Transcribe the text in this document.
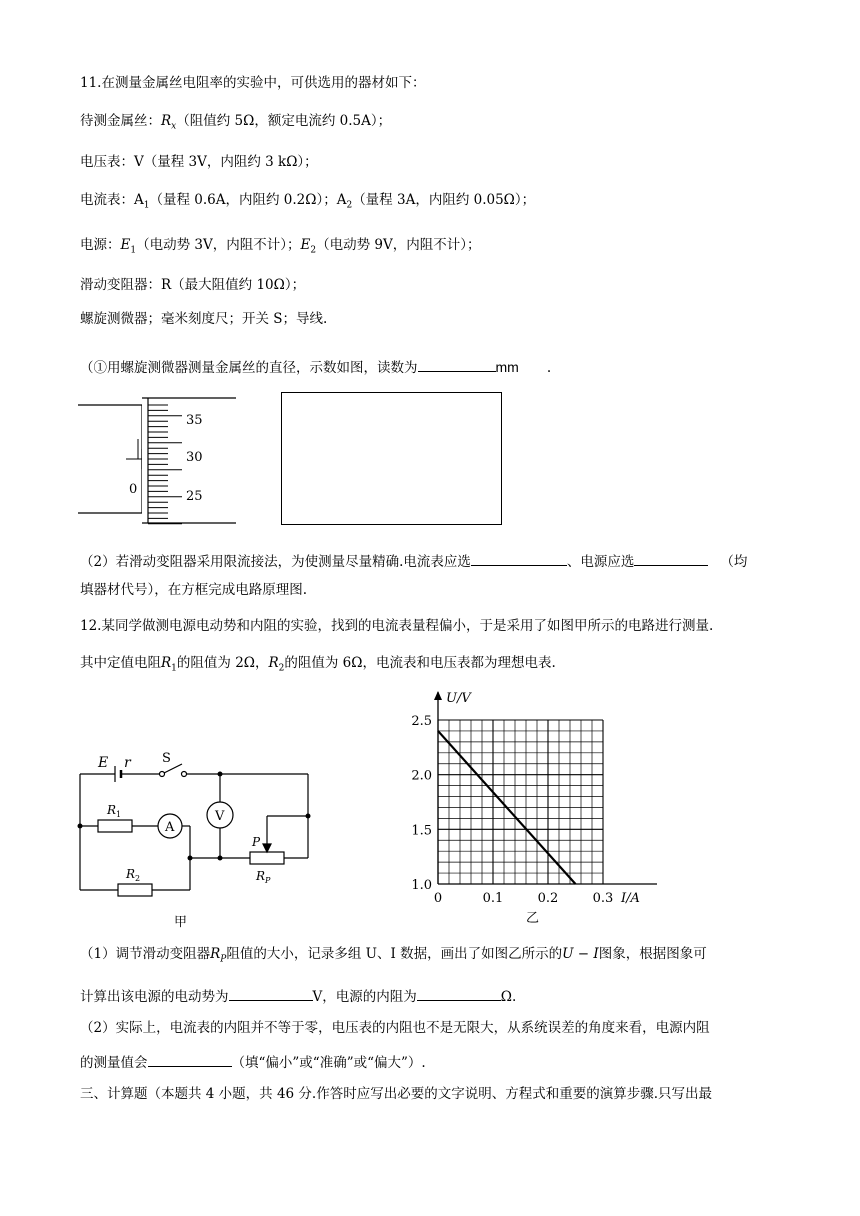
11.在测量金属丝电阻率的实验中，可供选用的器材如下：
待测金属丝：$R_x$（阻值约 5Ω，额定电流约 0.5A）；
电压表：V（量程 3V，内阻约 3 kΩ）；
电流表：$A_1$（量程 0.6A，内阻约 0.2Ω）；$A_2$（量程 3A，内阻约 0.05Ω）；
电源：$E_1$（电动势 3V，内阻不计）；$E_2$（电动势 9V，内阻不计）；
滑动变阻器：R（最大阻值约 10Ω）；
螺旋测微器；毫米刻度尺；开关 S；导线.
（①用螺旋测微器测量金属丝的直径，示数如图，读数为	mm .
0
35
30
25
（2）若滑动变阻器采用限流接法，为使测量尽量精确.电流表应选	、电源应选	（均
填器材代号），在方框完成电路原理图.
12.某同学做测电源电动势和内阻的实验，找到的电流表量程偏小，于是采用了如图甲所示的电路进行测量.
其中定值电阻$R_1$的阻值为 2Ω，$R_2$的阻值为 6Ω，电流表和电压表都为理想电表.
E r S
R 1
R 2
A
V
P
R P
甲
1.0
1.5
2.0
2.5
0	0.1	0.2	0.3
U/V
I/A
乙
（1）调节滑动变阻器$R_P$阻值的大小，记录多组 U、I 数据，画出了如图乙所示的U − I图象，根据图象可
计算出该电源的电动势为	V，电源的内阻为	Ω.
（2）实际上，电流表的内阻并不等于零，电压表的内阻也不是无限大，从系统误差的角度来看，电源内阻
的测量值会	（填“偏小”或“准确”或“偏大”）.
三、计算题（本题共 4 小题，共 46 分.作答时应写出必要的文字说明、方程式和重要的演算步骤.只写出最
